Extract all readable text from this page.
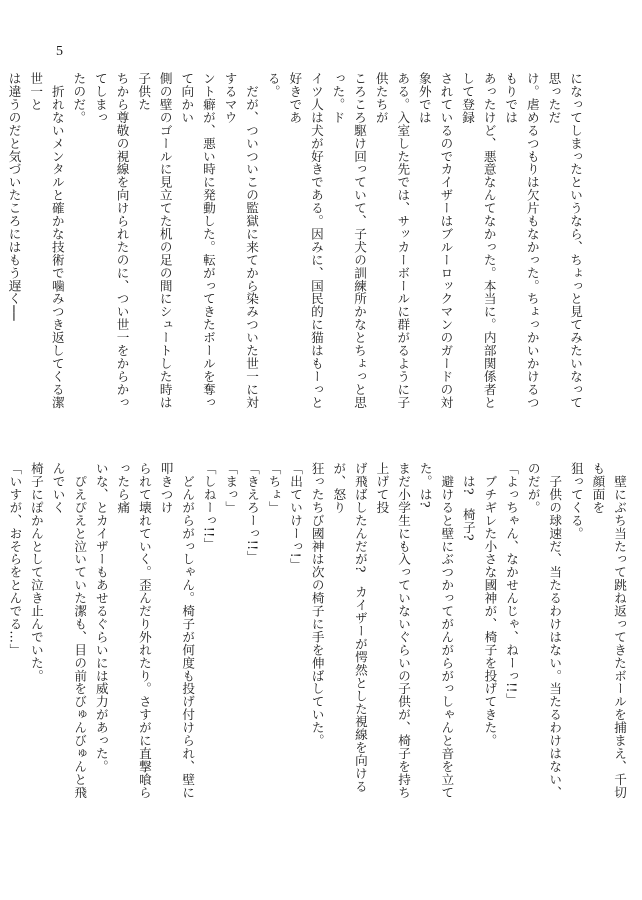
5

になってしまったというなら、ちょっと見てみたいなって思っただ

け。虐めるつもりは欠片もなかった。ちょっかいかけるつもりでは

あったけど、悪意なんてなかった。本当に。内部関係者として登録

されているのでカイザーはブルーロックマンのガードの対象外では

ある。入室した先では、サッカーボールに群がるように子供たちが

ころころ駆け回っていて、子犬の訓練所かなとちょっと思った。ド

イツ人は犬が好きである。因みに、国民的に猫はもーっと好きであ

る。

　だが、ついついこの監獄に来てから染みついた世一に対するマウ

ント癖が、悪い時に発動した。転がってきたボールを奪って向かい

側の壁のゴールに見立てた机の足の間にシュートした時は子供た

ちから尊敬の視線を向けられたのに、つい世一をからかってしまっ

たのだ。

　折れないメンタルと確かな技術で噛みつき返してくる潔世一と

は違うのだと気づいたころにはもう遅く──

　壁にぶち当たって跳ね返ってきたボールを捕まえ、千切も顔面を

狙ってくる。

　子供の球速だ、当たるわけはない。当たるわけはない、のだが。

「よっちゃん、なかせんじゃ、ねーっ!!」

　ブチギレた小さな國神が、椅子を投げてきた。

　は?　椅子?

　避けると壁にぶつかってがんがらがっしゃんと音を立てた。は?

まだ小学生にも入っていないぐらいの子供が、椅子を持ち上げて投

げ飛ばしたんだが?　カイザーが愕然とした視線を向けるが、怒り

狂ったちび國神は次の椅子に手を伸ばしていた。

「出ていけーっ!」

「ちょ」

「きえろーっ!!」

「まっ」

「しねーっ!!」

　どんがらがっしゃん。椅子が何度も投げ付けられ、壁に叩きつけ

られて壊れていく。歪んだり外れたり。さすがに直撃喰らったら痛

いな、とカイザーもあせるぐらいには威力があった。

　ぴえぴえと泣いていた潔も、目の前をびゅんびゅんと飛んでいく

椅子にぽかんとして泣き止んでいた。

「いすが、おそらをとんでる…」
